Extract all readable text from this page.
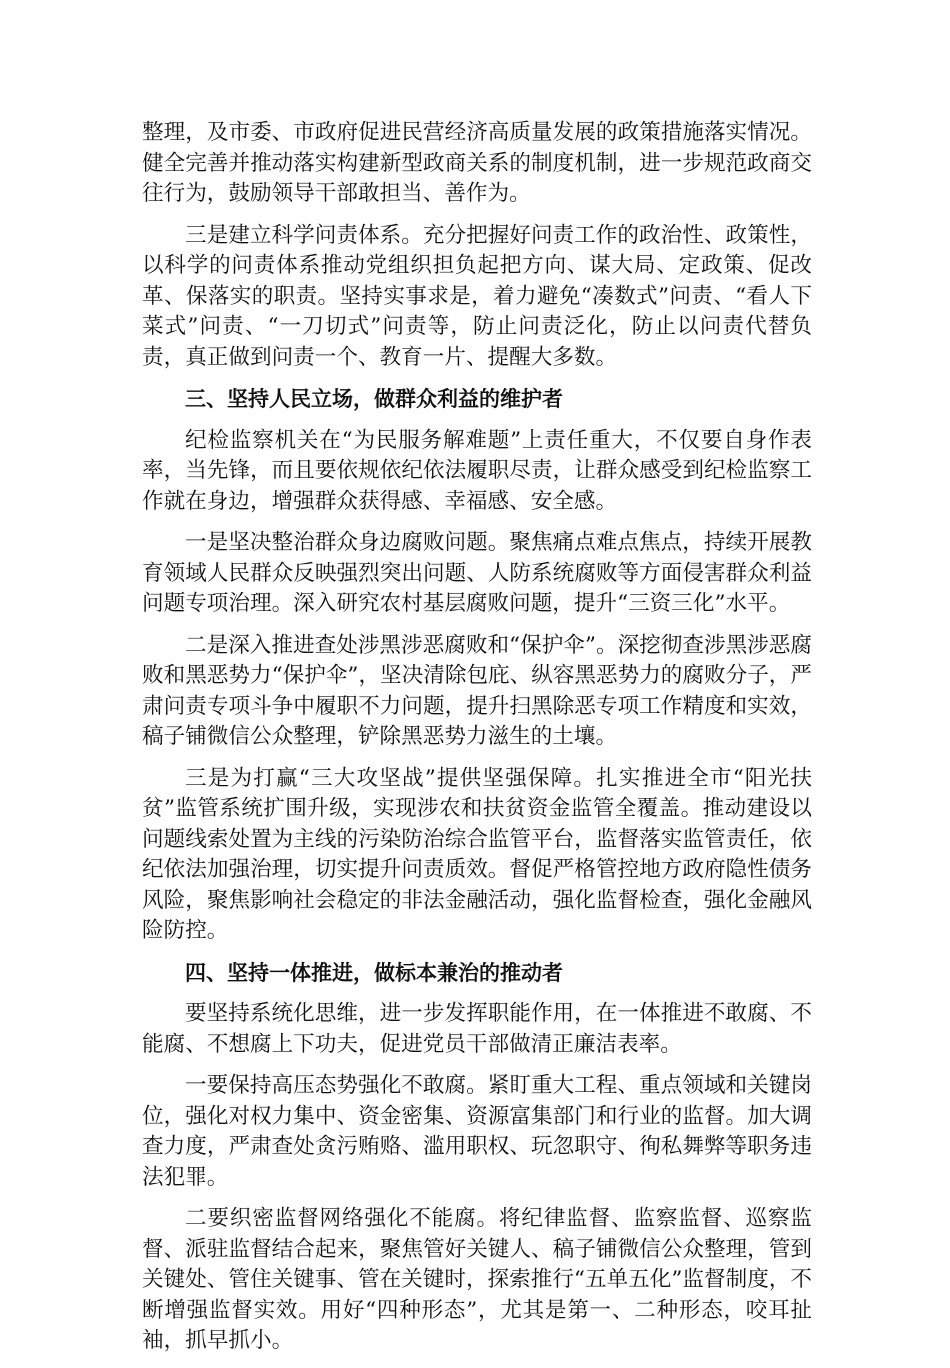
整理，及市委、市政府促进民营经济高质量发展的政策措施落实情况。健全完善并推动落实构建新型政商关系的制度机制，进一步规范政商交往行为，鼓励领导干部敢担当、善作为。

三是建立科学问责体系。充分把握好问责工作的政治性、政策性，以科学的问责体系推动党组织担负起把方向、谋大局、定政策、促改革、保落实的职责。坚持实事求是，着力避免“凑数式”问责、“看人下菜式”问责、“一刀切式”问责等，防止问责泛化，防止以问责代替负责，真正做到问责一个、教育一片、提醒大多数。

三、坚持人民立场，做群众利益的维护者

纪检监察机关在“为民服务解难题”上责任重大，不仅要自身作表率，当先锋，而且要依规依纪依法履职尽责，让群众感受到纪检监察工作就在身边，增强群众获得感、幸福感、安全感。

一是坚决整治群众身边腐败问题。聚焦痛点难点焦点，持续开展教育领域人民群众反映强烈突出问题、人防系统腐败等方面侵害群众利益问题专项治理。深入研究农村基层腐败问题，提升“三资三化”水平。

二是深入推进查处涉黑涉恶腐败和“保护伞”。深挖彻查涉黑涉恶腐败和黑恶势力“保护伞”，坚决清除包庇、纵容黑恶势力的腐败分子，严肃问责专项斗争中履职不力问题，提升扫黑除恶专项工作精度和实效，稿子铺微信公众整理，铲除黑恶势力滋生的土壤。

三是为打赢“三大攻坚战”提供坚强保障。扎实推进全市“阳光扶贫”监管系统扩围升级，实现涉农和扶贫资金监管全覆盖。推动建设以问题线索处置为主线的污染防治综合监管平台，监督落实监管责任，依纪依法加强治理，切实提升问责质效。督促严格管控地方政府隐性债务风险，聚焦影响社会稳定的非法金融活动，强化监督检查，强化金融风险防控。

四、坚持一体推进，做标本兼治的推动者

要坚持系统化思维，进一步发挥职能作用，在一体推进不敢腐、不能腐、不想腐上下功夫，促进党员干部做清正廉洁表率。

一要保持高压态势强化不敢腐。紧盯重大工程、重点领域和关键岗位，强化对权力集中、资金密集、资源富集部门和行业的监督。加大调查力度，严肃查处贪污贿赂、滥用职权、玩忽职守、徇私舞弊等职务违法犯罪。

二要织密监督网络强化不能腐。将纪律监督、监察监督、巡察监督、派驻监督结合起来，聚焦管好关键人、稿子铺微信公众整理，管到关键处、管住关键事、管在关键时，探索推行“五单五化”监督制度，不断增强监督实效。用好“四种形态”，尤其是第一、二种形态，咬耳扯袖，抓早抓小。
